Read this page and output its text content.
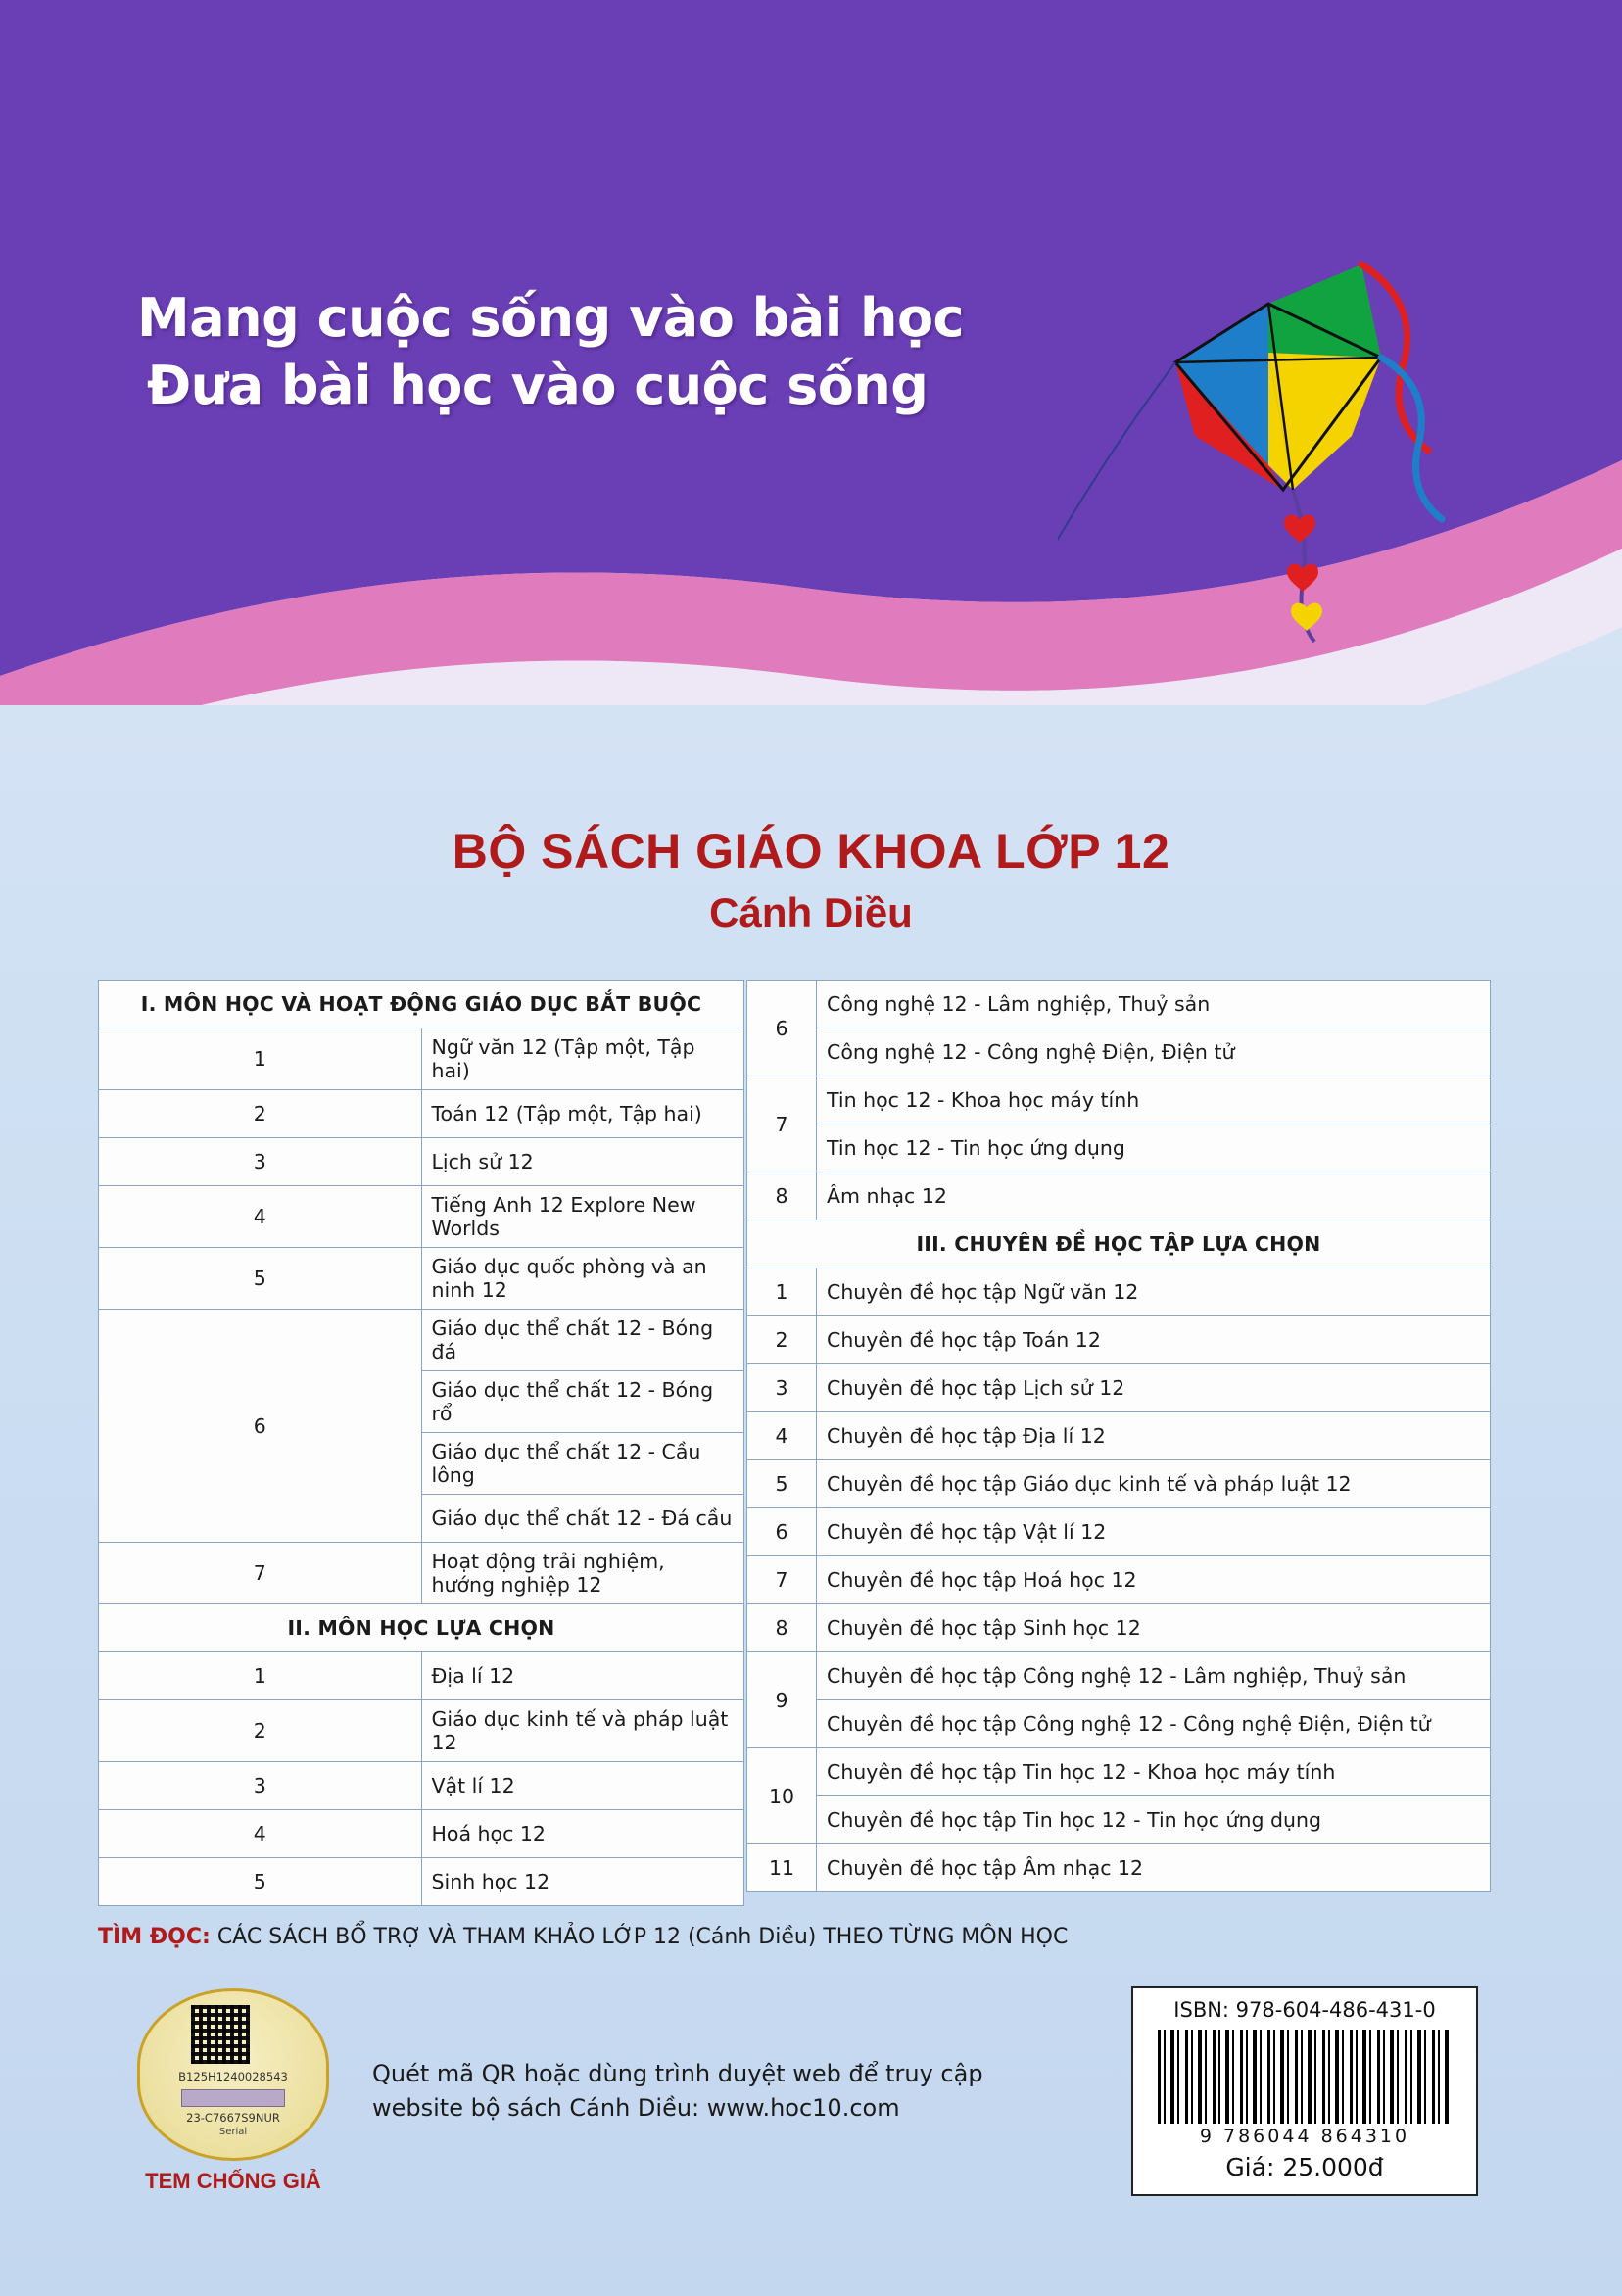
Mang cuộc sống vào bài học
Đưa bài học vào cuộc sống
BỘ SÁCH GIÁO KHOA LỚP 12
Cánh Diều
I. MÔN HỌC VÀ HOẠT ĐỘNG GIÁO DỤC BẮT BUỘC	
1	Ngữ văn 12 (Tập một, Tập hai)
2	Toán 12 (Tập một, Tập hai)
3	Lịch sử 12
4	Tiếng Anh 12 Explore New Worlds
5	Giáo dục quốc phòng và an ninh 12
6	Giáo dục thể chất 12 - Bóng đá
	Giáo dục thể chất 12 - Bóng rổ
	Giáo dục thể chất 12 - Cầu lông
	Giáo dục thể chất 12 - Đá cầu
7	Hoạt động trải nghiệm, hướng nghiệp 12
II. MÔN HỌC LỰA CHỌN	
1	Địa lí 12
2	Giáo dục kinh tế và pháp luật 12
3	Vật lí 12
4	Hoá học 12
5	Sinh học 12
6	Công nghệ 12 - Lâm nghiệp, Thuỷ sản
	Công nghệ 12 - Công nghệ Điện, Điện tử
7	Tin học 12 - Khoa học máy tính
	Tin học 12 - Tin học ứng dụng
8	Âm nhạc 12
III. CHUYÊN ĐỀ HỌC TẬP LỰA CHỌN	
1	Chuyên đề học tập Ngữ văn 12
2	Chuyên đề học tập Toán 12
3	Chuyên đề học tập Lịch sử 12
4	Chuyên đề học tập Địa lí 12
5	Chuyên đề học tập Giáo dục kinh tế và pháp luật 12
6	Chuyên đề học tập Vật lí 12
7	Chuyên đề học tập Hoá học 12
8	Chuyên đề học tập Sinh học 12
9	Chuyên đề học tập Công nghệ 12 - Lâm nghiệp, Thuỷ sản
	Chuyên đề học tập Công nghệ 12 - Công nghệ Điện, Điện tử
10	Chuyên đề học tập Tin học 12 - Khoa học máy tính
	Chuyên đề học tập Tin học 12 - Tin học ứng dụng
11	Chuyên đề học tập Âm nhạc 12
TÌM ĐỌC: CÁC SÁCH BỔ TRỢ VÀ THAM KHẢO LỚP 12 (Cánh Diều) THEO TỪNG MÔN HỌC
B125H1240028543
23-C7667S9NUR
Serial
TEM CHỐNG GIẢ
Quét mã QR hoặc dùng trình duyệt web để truy cập
website bộ sách Cánh Diều: www.hoc10.com
ISBN: 978-604-486-431-0
9 786044 864310
Giá: 25.000đ
